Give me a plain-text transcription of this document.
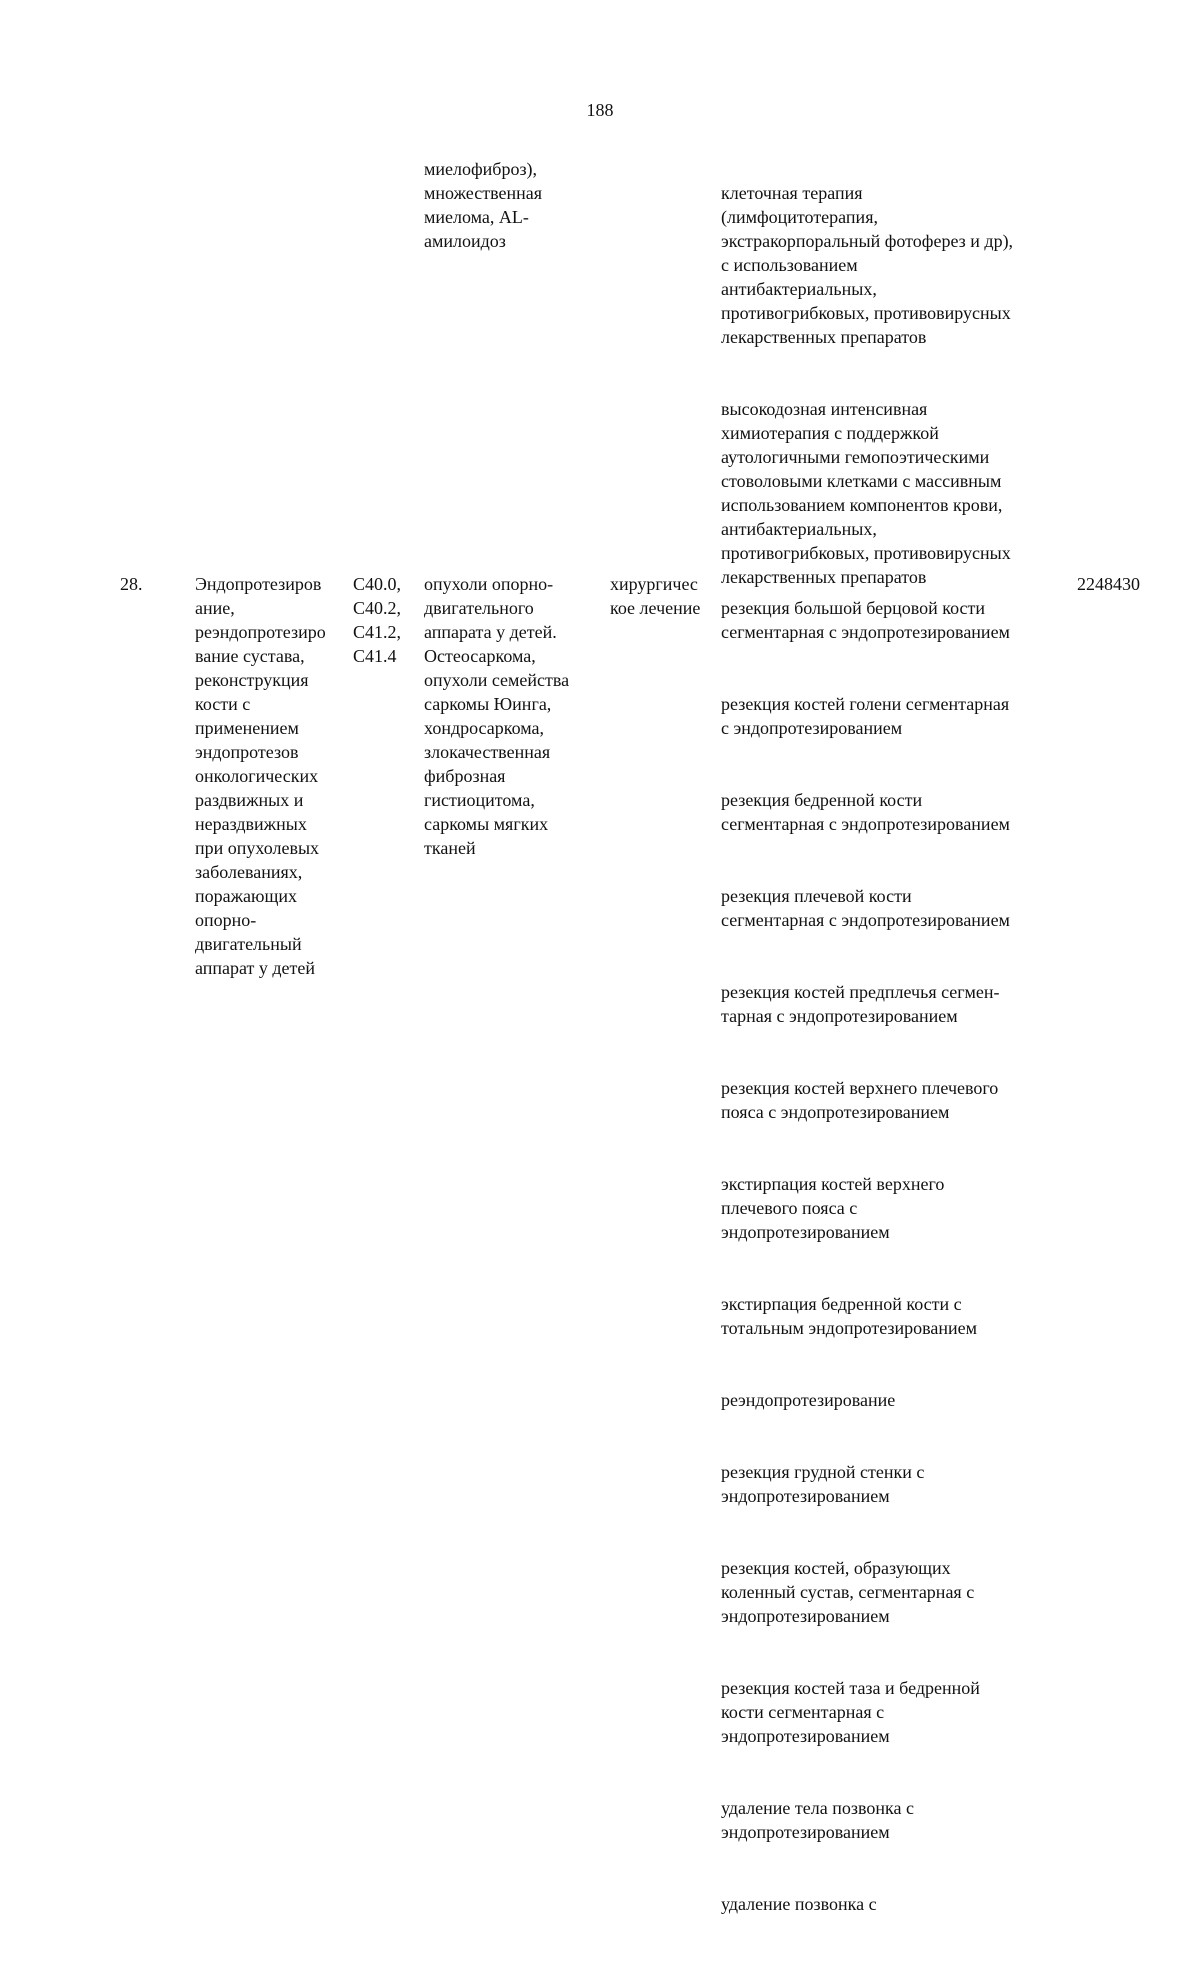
188
миелофиброз),
множественная
миелома, AL-
амилоидоз

клеточная терапия
(лимфоцитотерапия,
экстракорпоральный фотоферез и др),
с использованием
антибактериальных,
противогрибковых, противовирусных
лекарственных препаратов

высокодозная интенсивная
химиотерапия с поддержкой
аутологичными гемопоэтическими
стоволовыми клетками с массивным
использованием компонентов крови,
антибактериальных,
противогрибковых, противовирусных
лекарственных препаратов

28.	Эндопротезиров
ание,
реэндопротезиро
вание сустава,
реконструкция
кости с
применением
эндопротезов
онкологических
раздвижных и
нераздвижных
при опухолевых
заболеваниях,
поражающих
опорно-
двигательный
аппарат у детей
C40.0,
C40.2,
C41.2,
C41.4
опухоли опорно-
двигательного
аппарата у детей.
Остеосаркома,
опухоли семейства
саркомы Юинга,
хондросаркома,
злокачественная
фиброзная
гистиоцитома,
саркомы мягких
тканей
хирургичес
кое лечение	резекция большой берцовой кости
сегментарная с эндопротезированием

резекция костей голени сегментарная
с эндопротезированием

резекция бедренной кости
сегментарная с эндопротезированием

резекция плечевой кости
сегментарная с эндопротезированием

резекция костей предплечья сегмен-
тарная с эндопротезированием

резекция костей верхнего плечевого
пояса с эндопротезированием

экстирпация костей верхнего
плечевого пояса с
эндопротезированием

экстирпация бедренной кости с
тотальным эндопротезированием

реэндопротезирование

резекция грудной стенки с
эндопротезированием

резекция костей, образующих
коленный сустав, сегментарная с
эндопротезированием

резекция костей таза и бедренной
кости сегментарная с
эндопротезированием

удаление тела позвонка с
эндопротезированием

удаление позвонка с

2248430
